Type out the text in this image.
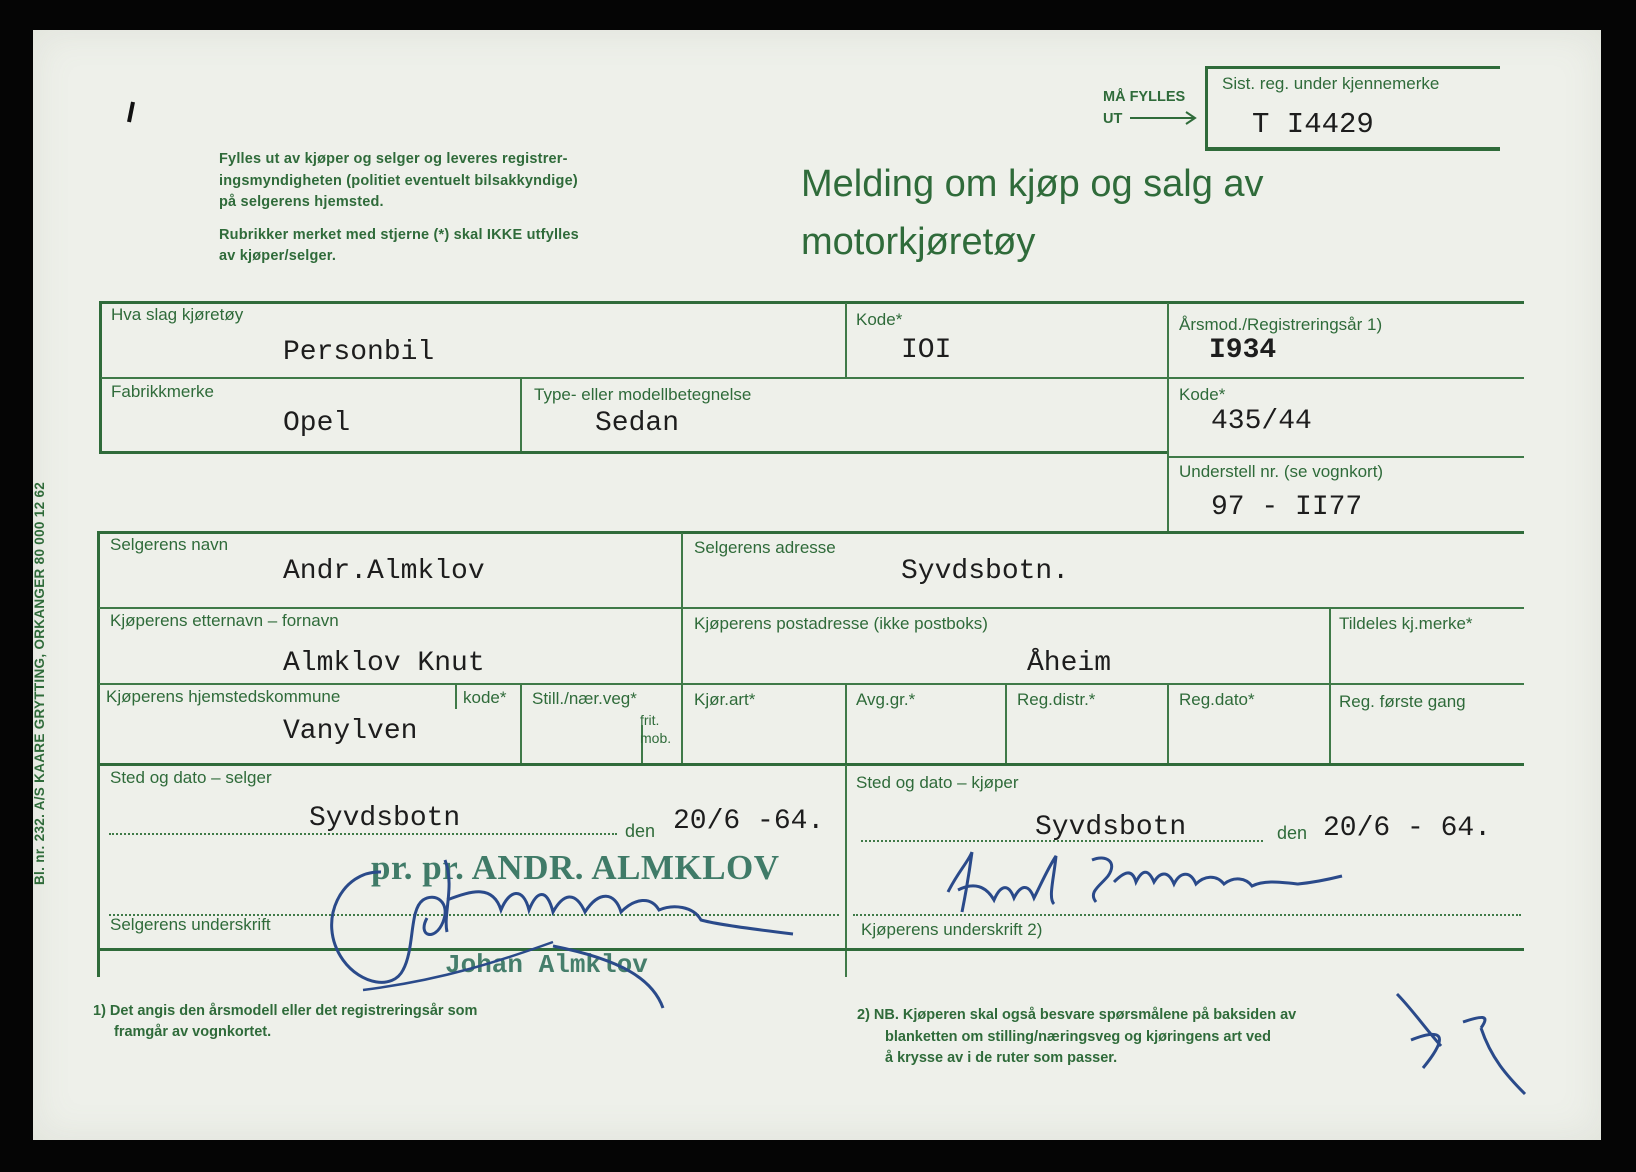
Fylles ut av kjøper og selger og leveres registrer-
ingsmyndigheten (politiet eventuelt bilsakkyndige)
på selgerens hjemsted.
Rubrikker merket med stjerne (*) skal IKKE utfylles
av kjøper/selger.
Melding om kjøp og salg av
motorkjøretøy
MÅ FYLLES
UT
Sist. reg. under kjennemerke
T I4429
Bl. nr. 232. A/S KAARE GRYTTING, ORKANGER 80 000 12 62
Hva slag kjøretøy
Personbil
Kode*
IOI
Årsmod./Registreringsår 1)
I934
Fabrikkmerke
Opel
Type- eller modellbetegnelse
Sedan
Kode*
435/44
Understell nr. (se vognkort)
97 - II77
Selgerens navn
Andr.Almklov
Selgerens adresse
Syvdsbotn.
Kjøperens etternavn – fornavn
Almklov Knut
Kjøperens postadresse (ikke postboks)
Åheim
Tildeles kj.merke*
Kjøperens hjemstedskommune
Vanylven
kode* Still./nær.veg*
frit.
mob.
Kjør.art*	Avg.gr.*	Reg.distr.*	Reg.dato*	Reg. første gang
Sted og dato – selger
Syvdsbotn	den 20/6 -64.
Sted og dato – kjøper
Syvdsbotn	den 20/6 - 64.
Selgerens underskrift	Kjøperens underskrift 2)
pr. pr. ANDR. ALMKLOV
Johan Almklov
1) Det angis den årsmodell eller det registreringsår som
framgår av vognkortet.
2) NB. Kjøperen skal også besvare spørsmålene på baksiden av
blanketten om stilling/næringsveg og kjøringens art ved
å krysse av i de ruter som passer.
